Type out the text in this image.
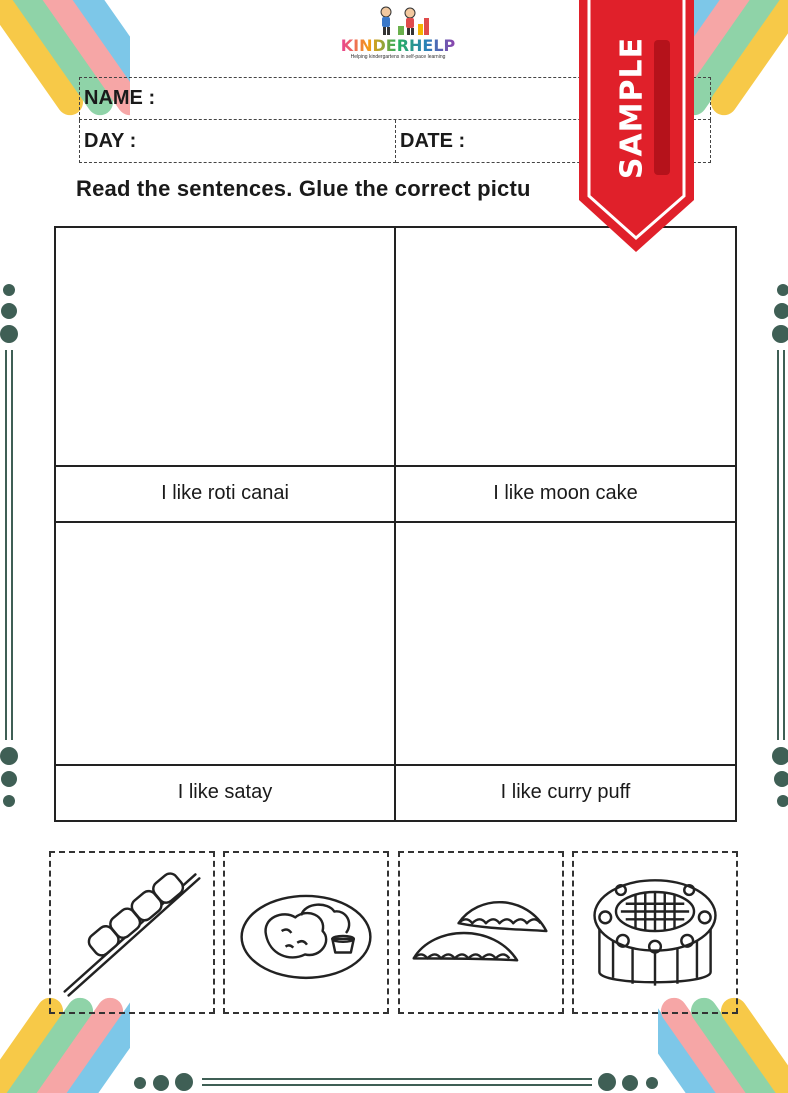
KINDERHELP
Helping kindergartens in self-pace learning
NAME :
DAY :	DATE :
Read the sentences. Glue the correct pictu
I like roti canai	I like moon cake
I like satay	I like curry puff
SAMPLE
